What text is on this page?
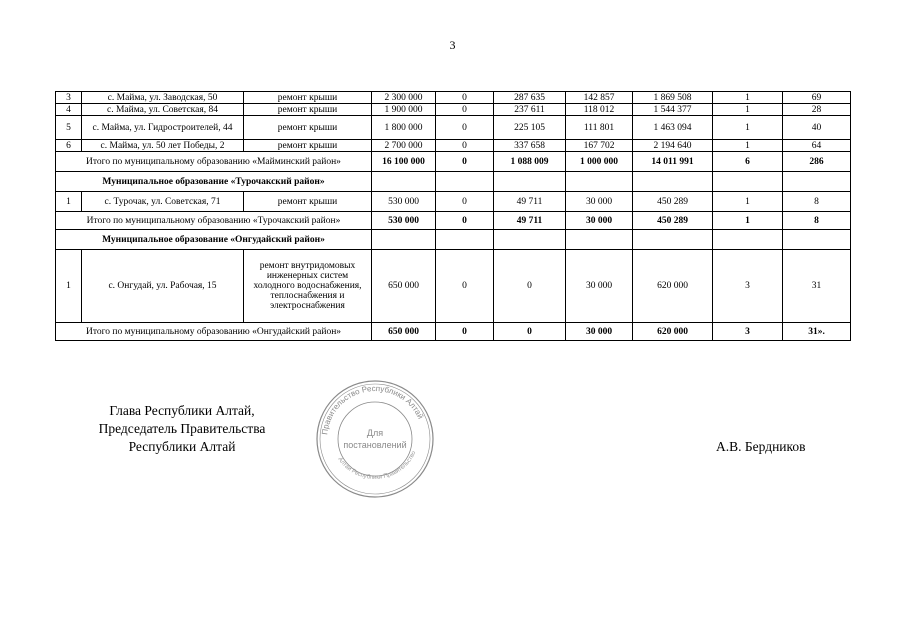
3
3	с. Майма, ул. Заводская, 50	ремонт крыши	2 300 000	0	287 635	142 857	1 869 508	1	69
4	с. Майма, ул. Советская, 84	ремонт крыши	1 900 000	0	237 611	118 012	1 544 377	1	28
5	с. Майма, ул. Гидростроителей, 44	ремонт крыши	1 800 000	0	225 105	111 801	1 463 094	1	40
6	с. Майма, ул. 50 лет Победы, 2	ремонт крыши	2 700 000	0	337 658	167 702	2 194 640	1	64
Итого по муниципальному образованию «Майминский район»			16 100 000	0	1 088 009	1 000 000	14 011 991	6	286
Муниципальное образование «Турочакский район»									
1	с. Турочак, ул. Советская, 71	ремонт крыши	530 000	0	49 711	30 000	450 289	1	8
Итого по муниципальному образованию «Турочакский район»			530 000	0	49 711	30 000	450 289	1	8
Муниципальное образование «Онгудайский район»									
1	с. Онгудай, ул. Рабочая, 15	ремонт внутридомовых инженерных систем холодного водоснабжения, теплоснабжения и электроснабжения	650 000	0	0	30 000	620 000	3	31
Итого по муниципальному образованию «Онгудайский район»			650 000	0	0	30 000	620 000	3	31».
Глава Республики Алтай,
Председатель Правительства
Республики Алтай
Правительство Республики Алтай
Алтай Республики Правительство
Для
постановлений	А.В. Бердников
